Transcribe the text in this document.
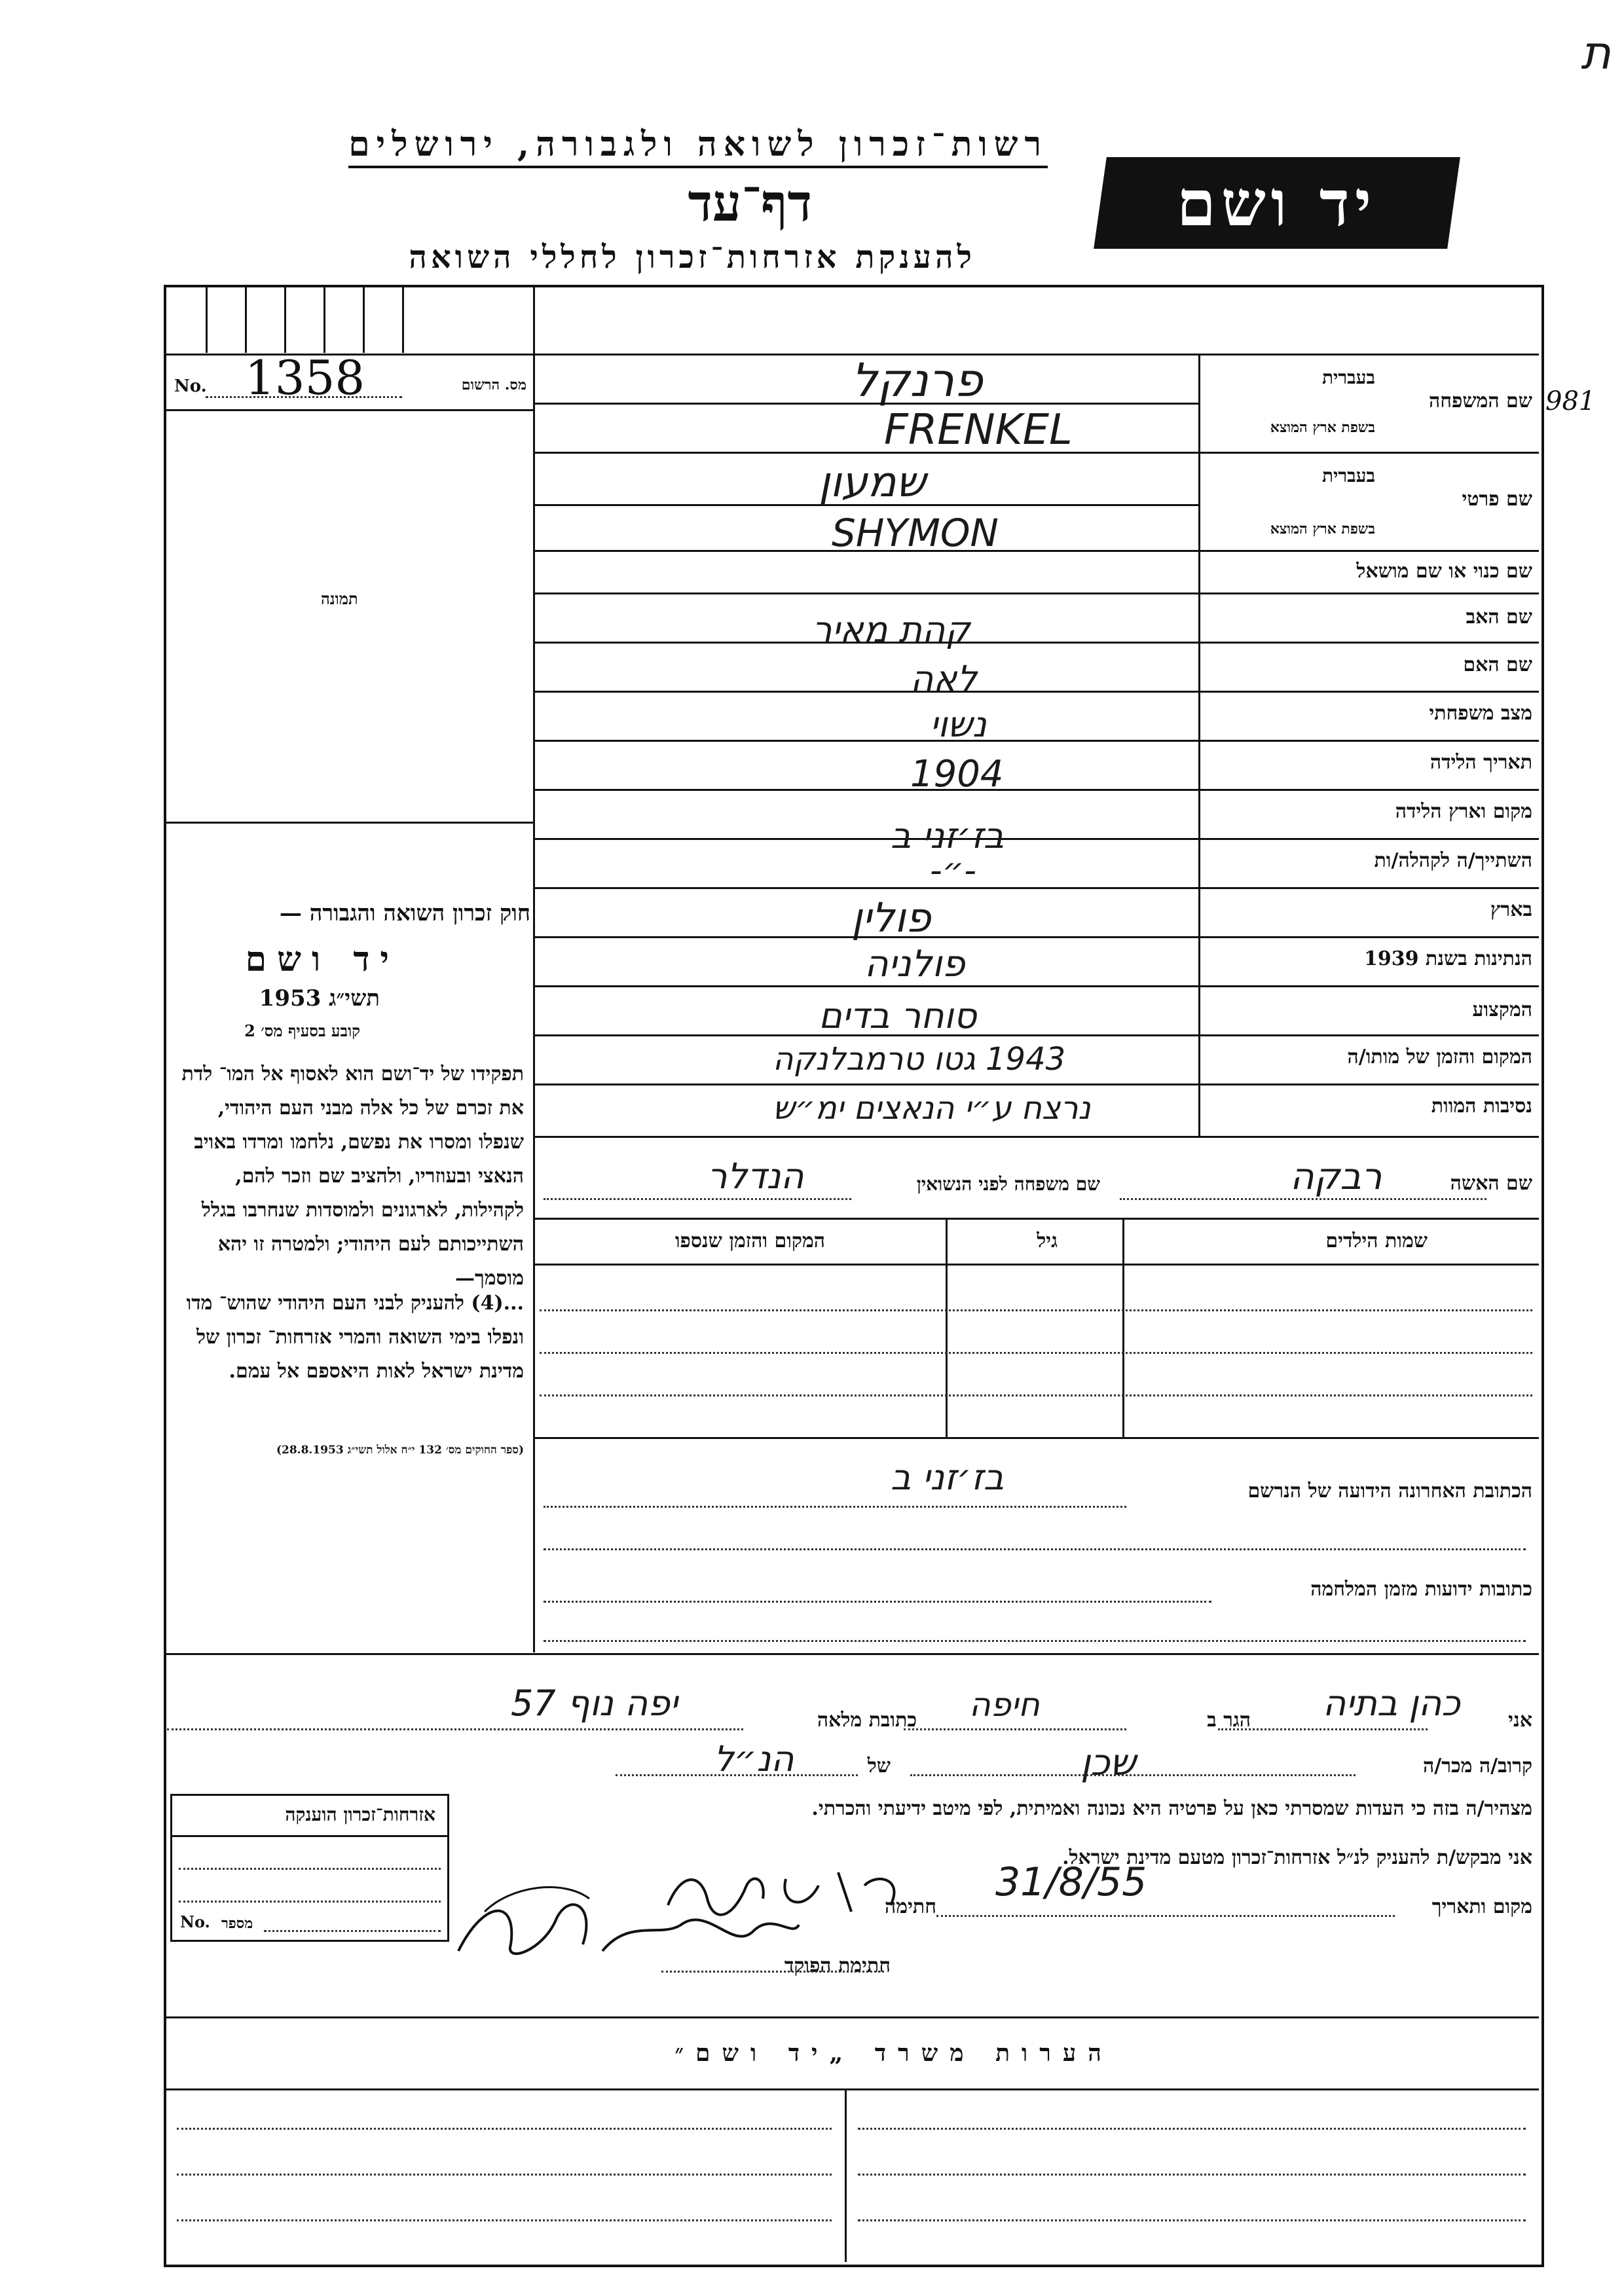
ת
רשות־זכרון לשואה ולגבורה, ירושלים
דף־עד
להענקת אזרחות־זכרון לחללי השואה
יד ושם
No. 1358	מס. הרשום
תמונה
חוק זכרון השואה והגבורה —
יד ושם
תשי״ג 1953
קובע בסעיף מס׳ 2
תפקידו של יד־ושם הוא לאסוף אל המו־ לדת את זכרם של כל אלה מבני העם היהודי, שנפלו ומסרו את נפשם, נלחמו ומרדו באויב הנאצי ובעוזריו, ולהציב שם וזכר להם, לקהילות, לארגונים ולמוסדות שנחרבו בגלל השתייכותם לעם היהודי; ולמטרה זו יהא מוסמך—
...(4) להעניק לבני העם היהודי שהוש־ מדו ונפלו בימי השואה והמרי אזרחות־ זכרון של מדינת ישראל לאות היאספם אל עמם.
(ספר החוקים מס׳ 132 י״ח אלול תשי״ג 28.8.1953)
שם המשפחה
בעברית
בשפת ארץ המוצא
פרנקל
FRENKEL
981
שם פרטי
בעברית
בשפת ארץ המוצא
שמעון
SHYMON
שם כנוי או שם מושאל
שם האב
קהת מאיר
שם האם
לאה
מצב משפחתי
נשוי
תאריך הלידה
1904
מקום וארץ הלידה
בז׳זני ב
השתייך/ה לקהלה/ות
-״-
בארץ
פולין
הנתינות בשנת 1939
פולניה
המקצוע
סוחר בדים
המקום והזמן של מותו/ה
1943 גטו טרמבלנקה
נסיבות המוות
נרצח ע״י הנאצים ימ״ש
שם האשה
רבקה
שם משפחה לפני הנשואין
הנדלר
שמות הילדים
גיל
המקום והזמן שנספו
הכתובת האחרונה הידועה של הנרשם
בז׳זני ב
כתובות ידועות מזמן המלחמה
אני
כהן בתיה
הגר ב
חיפה
כתובת מלאה
יפה נוף 57
קרוב/ה מכר/ה
שכן
של
הנ״ל
מצהיר/ה בזה כי העדות שמסרתי כאן על פרטיה היא נכונה ואמיתית, לפי מיטב ידיעתי והכרתי.
אני מבקש/ת להעניק לנ״ל אזרחות־זכרון מטעם מדינת ישראל.
מקום ותאריך
31/8/55
חתימה
חתימת הפוקד
אזרחות־זכרון הוענקה
No. מספר
הערות משרד „יד ושם״
